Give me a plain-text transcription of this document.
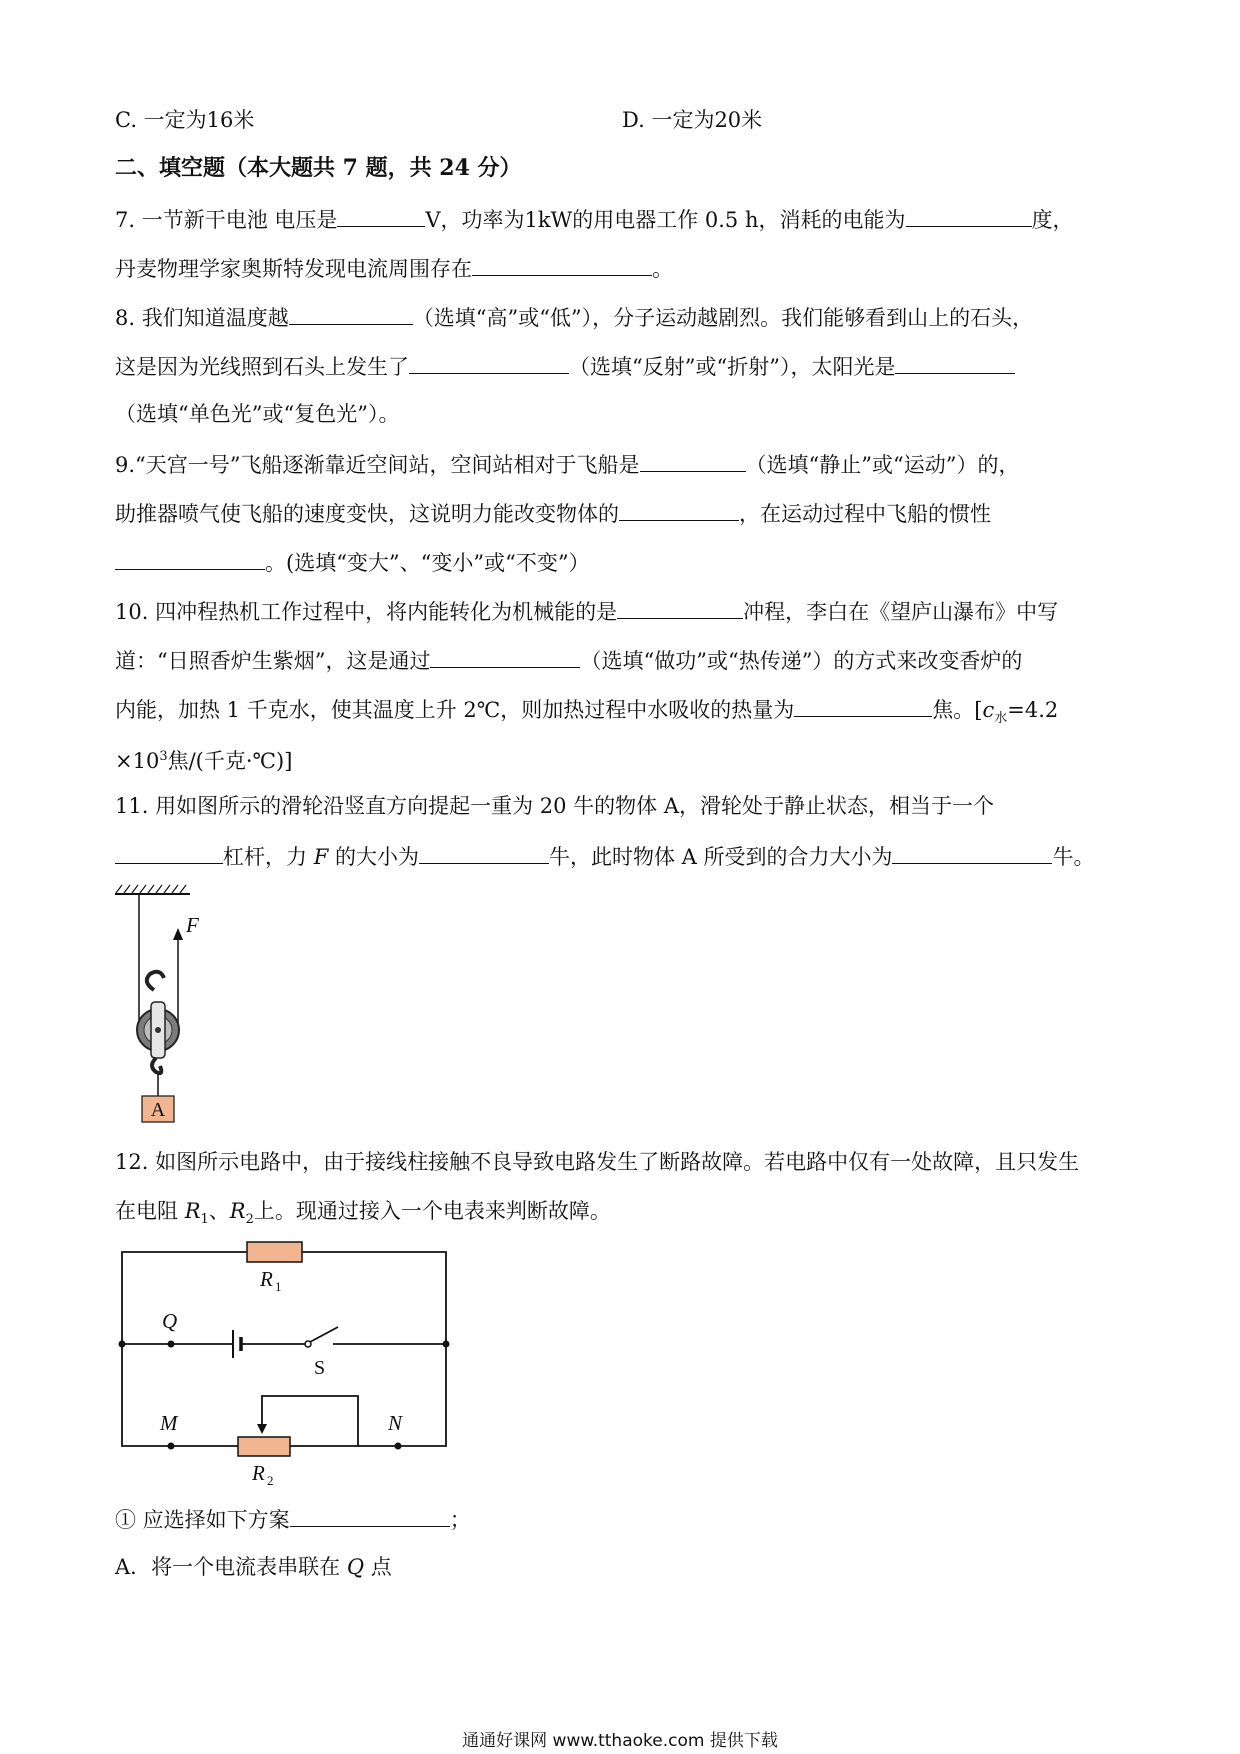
C. 一定为16米	D. 一定为20米
二、填空题（本大题共 7 题，共 24 分）
7. 一节新干电池 电压是	V，功率为1kW的用电器工作 0.5 h，消耗的电能为	度，
丹麦物理学家奥斯特发现电流周围存在	。
8. 我们知道温度越	（选填“高”或“低”），分子运动越剧烈。我们能够看到山上的石头，
这是因为光线照到石头上发生了	（选填“反射”或“折射”），太阳光是
（选填“单色光”或“复色光”）。
9.“天宫一号”飞船逐渐靠近空间站，空间站相对于飞船是	（选填“静止”或“运动”）的，
助推器喷气使飞船的速度变快，这说明力能改变物体的	，在运动过程中飞船的惯性
。(选填“变大”、“变小”或“不变”）
10. 四冲程热机工作过程中，将内能转化为机械能的是	冲程，李白在《望庐山瀑布》中写
道：“日照香炉生紫烟”，这是通过	（选填“做功”或“热传递”）的方式来改变香炉的
内能，加热 1 千克水，使其温度上升 2℃，则加热过程中水吸收的热量为	焦。[$c_水=4.2$
$\times 10^3$焦/(千克·℃)]
11. 用如图所示的滑轮沿竖直方向提起一重为 20 牛的物体 A，滑轮处于静止状态，相当于一个
杠杆，力 F 的大小为	牛，此时物体 A 所受到的合力大小为	牛。
F
A
12. 如图所示电路中，由于接线柱接触不良导致电路发生了断路故障。若电路中仅有一处故障，且只发生
在电阻 $R_1$、$R_2$上。现通过接入一个电表来判断故障。
R 1
Q
S
M	N
R 2
① 应选择如下方案	；
A．将一个电流表串联在 Q 点
通通好课网 www.tthaoke.com 提供下载
